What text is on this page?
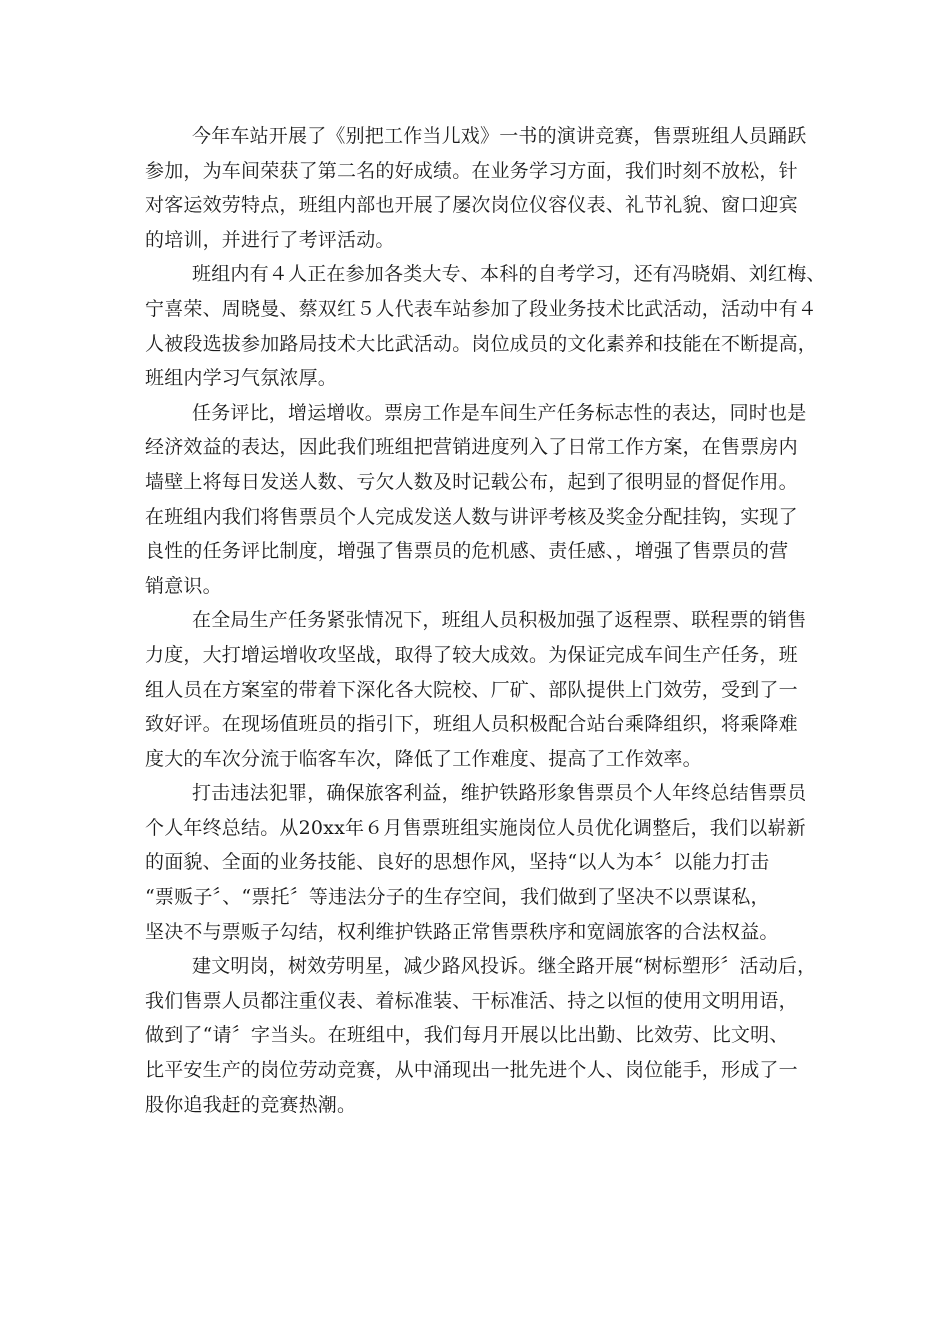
今年车站开展了《别把工作当儿戏》一书的演讲竞赛，售票班组人员踊跃
参加，为车间荣获了第二名的好成绩。在业务学习方面，我们时刻不放松，针
对客运效劳特点，班组内部也开展了屡次岗位仪容仪表、礼节礼貌、窗口迎宾
的培训，并进行了考评活动。
班组内有４人正在参加各类大专、本科的自考学习，还有冯晓娟、刘红梅、
宁喜荣、周晓曼、蔡双红５人代表车站参加了段业务技术比武活动，活动中有４
人被段选拔参加路局技术大比武活动。岗位成员的文化素养和技能在不断提高，
班组内学习气氛浓厚。
任务评比，增运增收。票房工作是车间生产任务标志性的表达，同时也是
经济效益的表达，因此我们班组把营销进度列入了日常工作方案，在售票房内
墙壁上将每日发送人数、亏欠人数及时记载公布，起到了很明显的督促作用。
在班组内我们将售票员个人完成发送人数与讲评考核及奖金分配挂钩，实现了
良性的任务评比制度，增强了售票员的危机感、责任感、，增强了售票员的营
销意识。
在全局生产任务紧张情况下，班组人员积极加强了返程票、联程票的销售
力度，大打增运增收攻坚战，取得了较大成效。为保证完成车间生产任务，班
组人员在方案室的带着下深化各大院校、厂矿、部队提供上门效劳，受到了一
致好评。在现场值班员的指引下，班组人员积极配合站台乘降组织，将乘降难
度大的车次分流于临客车次，降低了工作难度、提高了工作效率。
打击违法犯罪，确保旅客利益，维护铁路形象售票员个人年终总结售票员
个人年终总结。从20xx年６月售票班组实施岗位人员优化调整后，我们以崭新
的面貌、全面的业务技能、良好的思想作风，坚持“以人为本〞以能力打击
“票贩子〞、“票托〞等违法分子的生存空间，我们做到了坚决不以票谋私，
坚决不与票贩子勾结，权利维护铁路正常售票秩序和宽阔旅客的合法权益。
建文明岗，树效劳明星，减少路风投诉。继全路开展“树标塑形〞活动后，
我们售票人员都注重仪表、着标准装、干标准活、持之以恒的使用文明用语，
做到了“请〞字当头。在班组中，我们每月开展以比出勤、比效劳、比文明、
比平安生产的岗位劳动竞赛，从中涌现出一批先进个人、岗位能手，形成了一
股你追我赶的竞赛热潮。
